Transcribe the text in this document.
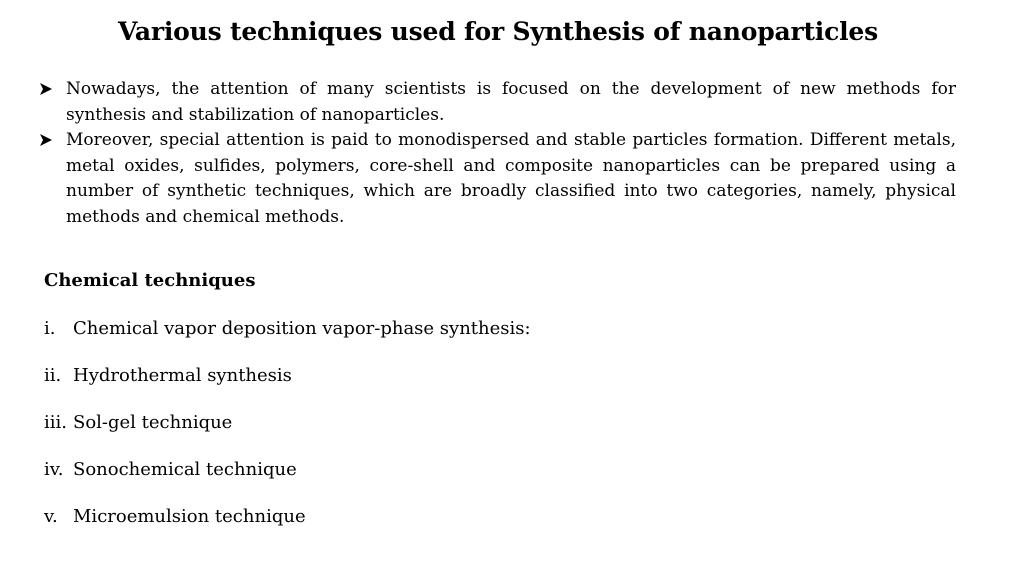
Various techniques used for Synthesis of nanoparticles
Nowadays, the attention of many scientists is focused on the development of new methods for synthesis and stabilization of nanoparticles.
Moreover, special attention is paid to monodispersed and stable particles formation. Different metals, metal oxides, sulfides, polymers, core-shell and composite nanoparticles can be prepared using a number of synthetic techniques, which are broadly classified into two categories, namely, physical methods and chemical methods.
Chemical techniques
i. Chemical vapor deposition vapor-phase synthesis:
ii. Hydrothermal synthesis
iii. Sol-gel technique
iv. Sonochemical technique
v. Microemulsion technique
